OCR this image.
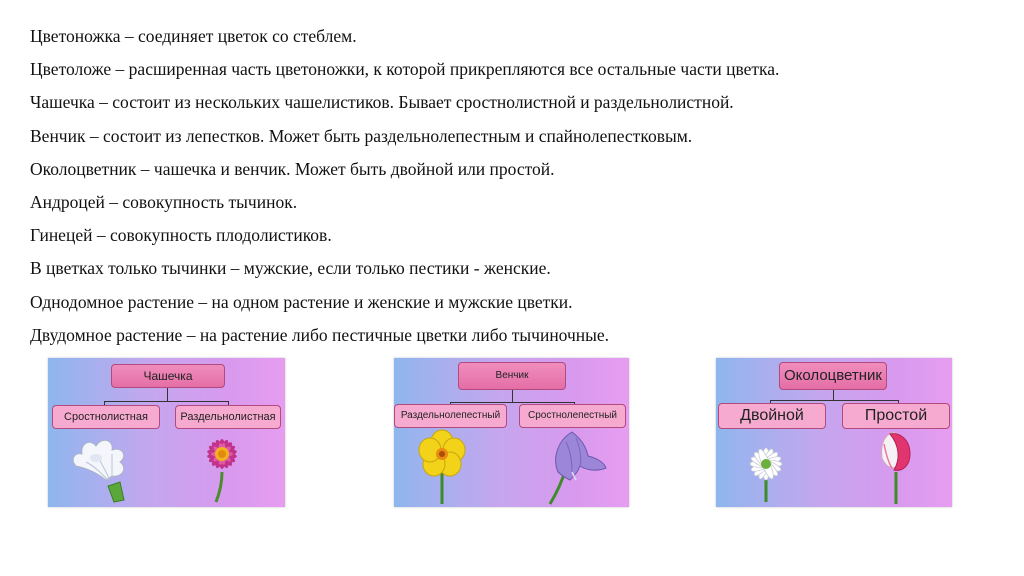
Цветоножка – соединяет цветок со стеблем.
Цветоложе – расширенная часть цветоножки, к которой прикрепляются все остальные части цветка.
Чашечка – состоит из нескольких чашелистиков. Бывает сростнолистной и раздельнолистной.
Венчик – состоит из лепестков. Может быть раздельнолепестным и спайнолепестковым.
Околоцветник – чашечка и венчик. Может быть двойной или простой.
Андроцей – совокупность тычинок.
Гинецей – совокупность плодолистиков.
В цветках только тычинки – мужские, если только пестики - женские.
Однодомное растение – на одном растение и женские и мужские цветки.
Двудомное растение – на растение либо пестичные цветки либо тычиночные.
Чашечка
Сростнолистная	Раздельнолистная
Венчик
Раздельнолепестный	Сростнолепестный
Околоцветник
Двойной	Простой
